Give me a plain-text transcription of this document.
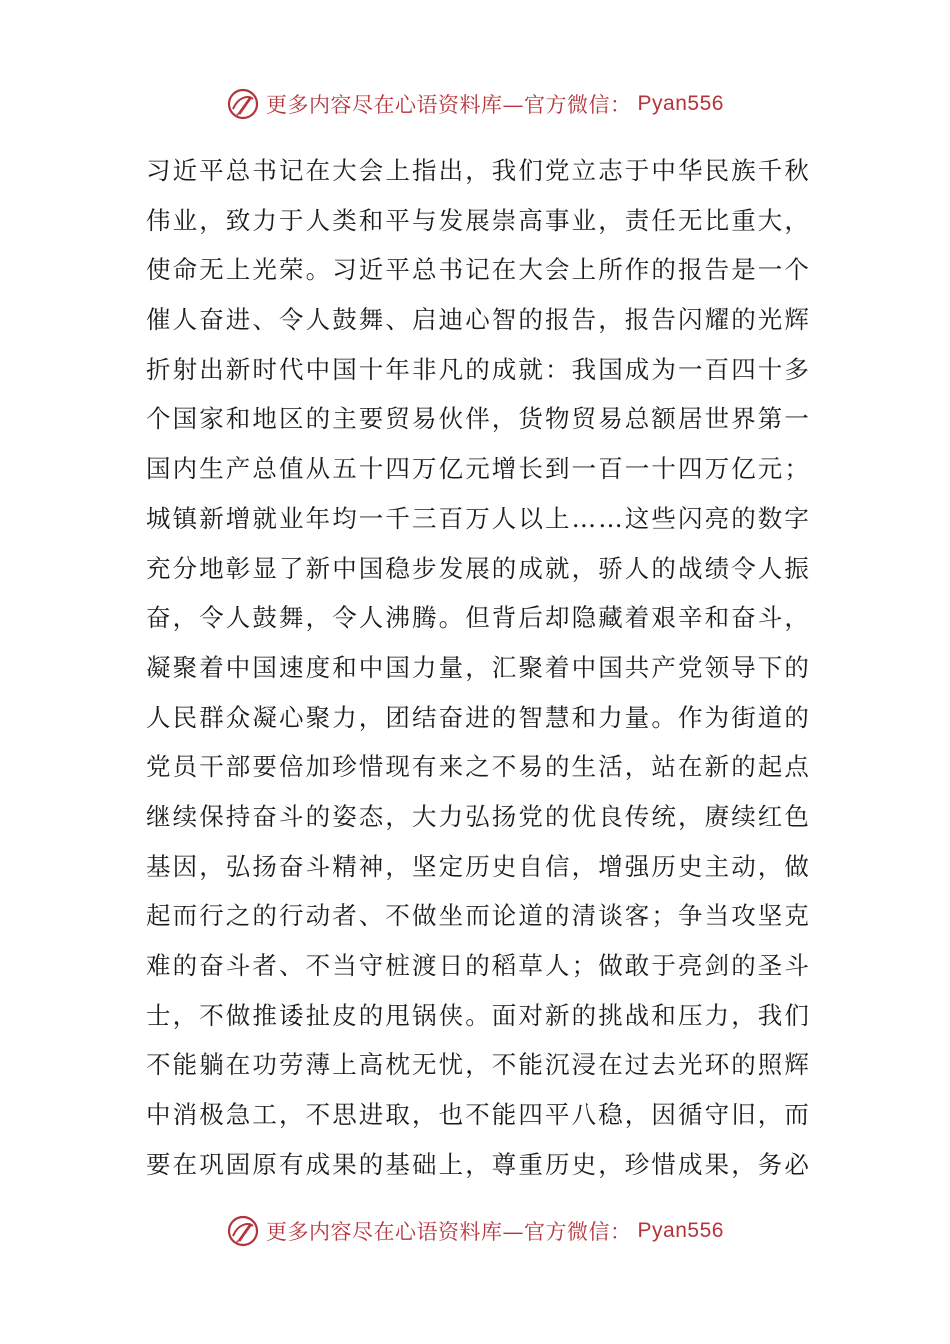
更多内容尽在心语资料库—官方微信： Pyan556
习近平总书记在大会上指出，我们党立志于中华民族千秋
伟业，致力于人类和平与发展崇高事业，责任无比重大，
使命无上光荣。习近平总书记在大会上所作的报告是一个
催人奋进、令人鼓舞、启迪心智的报告，报告闪耀的光辉
折射出新时代中国十年非凡的成就：我国成为一百四十多
个国家和地区的主要贸易伙伴，货物贸易总额居世界第一
国内生产总值从五十四万亿元增长到一百一十四万亿元；
城镇新增就业年均一千三百万人以上……这些闪亮的数字
充分地彰显了新中国稳步发展的成就，骄人的战绩令人振
奋，令人鼓舞，令人沸腾。但背后却隐藏着艰辛和奋斗，
凝聚着中国速度和中国力量，汇聚着中国共产党领导下的
人民群众凝心聚力，团结奋进的智慧和力量。作为街道的
党员干部要倍加珍惜现有来之不易的生活，站在新的起点
继续保持奋斗的姿态，大力弘扬党的优良传统，赓续红色
基因，弘扬奋斗精神，坚定历史自信，增强历史主动，做
起而行之的行动者、不做坐而论道的清谈客；争当攻坚克
难的奋斗者、不当守桩渡日的稻草人；做敢于亮剑的圣斗
士，不做推诿扯皮的甩锅侠。面对新的挑战和压力，我们
不能躺在功劳薄上高枕无忧，不能沉浸在过去光环的照辉
中消极急工，不思进取，也不能四平八稳，因循守旧，而
要在巩固原有成果的基础上，尊重历史，珍惜成果，务必
更多内容尽在心语资料库—官方微信： Pyan556
